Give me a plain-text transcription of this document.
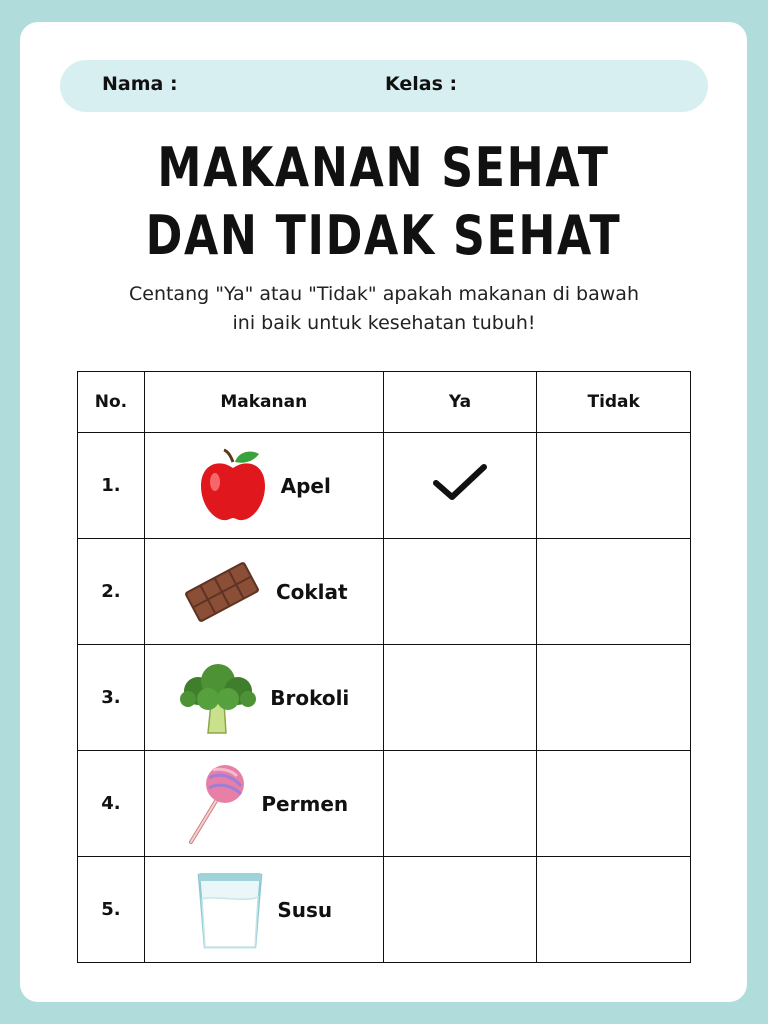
Nama :	Kelas :
MAKANAN SEHAT
DAN TIDAK SEHAT
Centang "Ya" atau "Tidak" apakah makanan di bawah
ini baik untuk kesehatan tubuh!
No.	Makanan	Ya	Tidak
1.	Apel

2.	Coklat		

3.	Brokoli		

4.	Permen		

5.	Susu		
